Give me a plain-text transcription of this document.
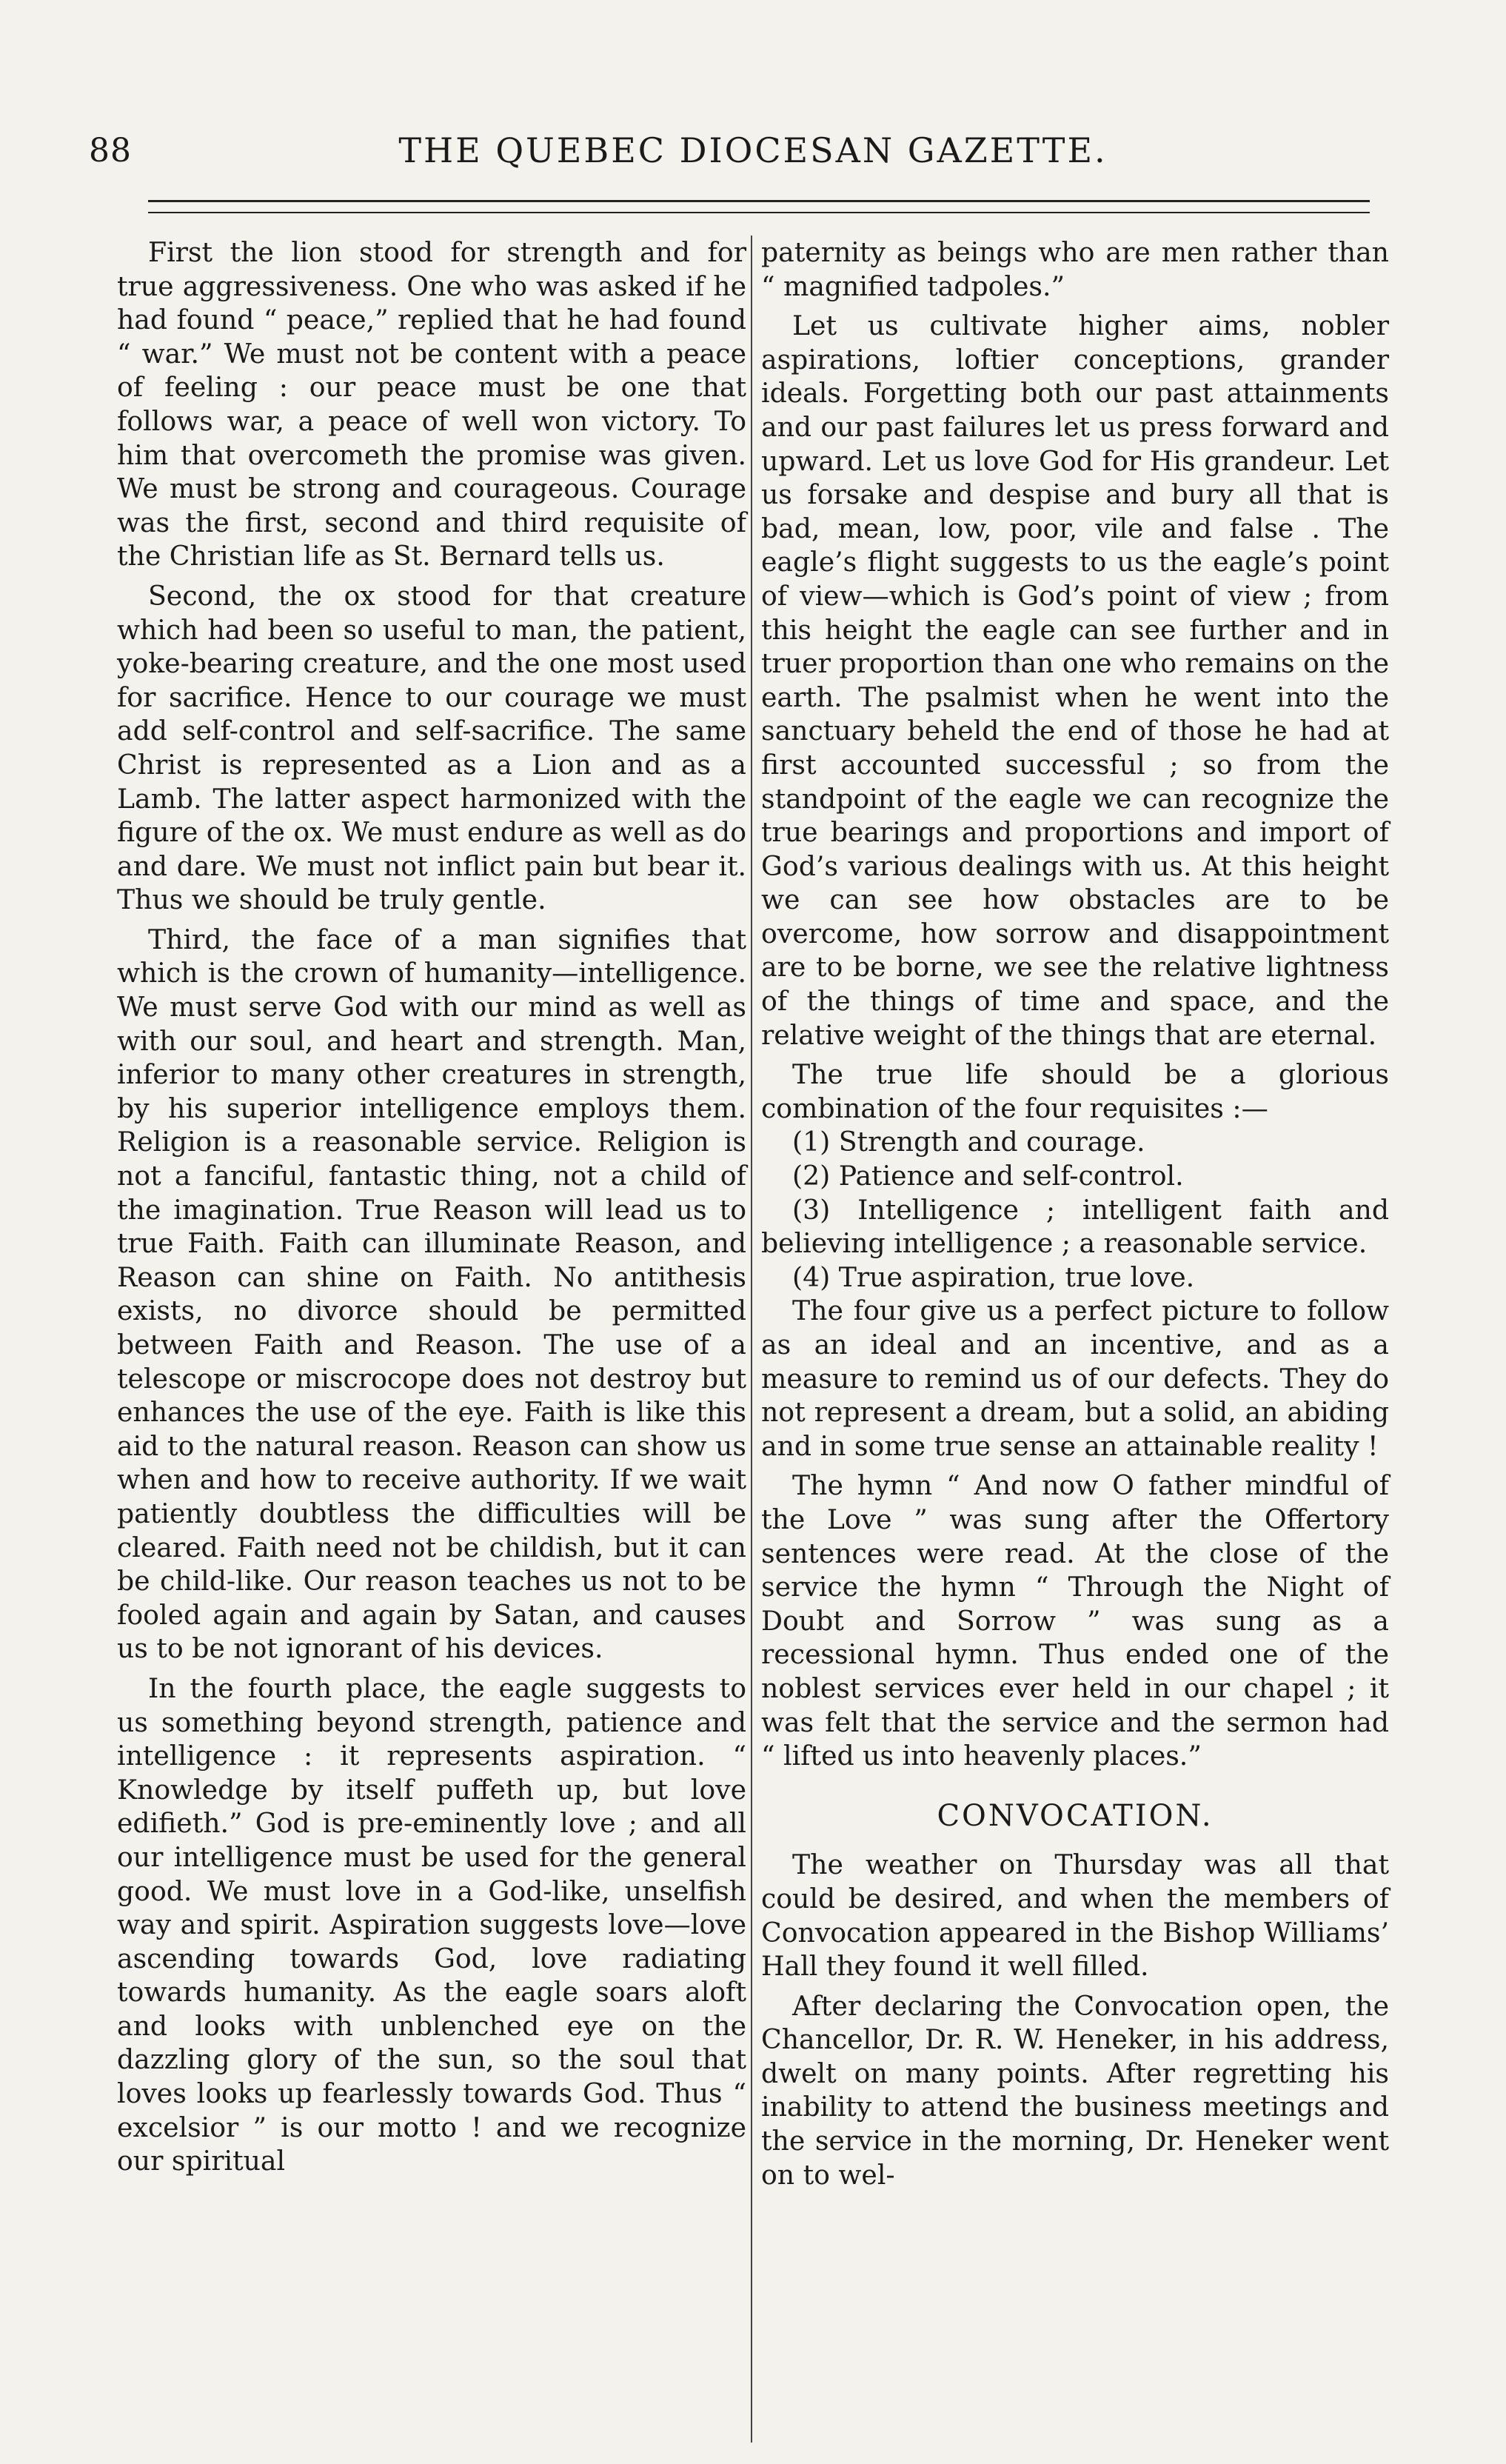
88	THE QUEBEC DIOCESAN GAZETTE.

First the lion stood for strength and for true aggressiveness. One who was asked if he had found “ peace,” replied that he had found “ war.” We must not be content with a peace of feeling : our peace must be one that follows war, a peace of well won victory. To him that overcometh the promise was given. We must be strong and courageous. Courage was the first, second and third requisite of the Christian life as St. Bernard tells us.

Second, the ox stood for that creature which had been so useful to man, the patient, yoke-bearing creature, and the one most used for sacrifice. Hence to our courage we must add self-control and self-sacrifice. The same Christ is represented as a Lion and as a Lamb. The latter aspect harmonized with the figure of the ox. We must endure as well as do and dare. We must not inflict pain but bear it. Thus we should be truly gentle.

Third, the face of a man signifies that which is the crown of humanity—intelligence. We must serve God with our mind as well as with our soul, and heart and strength. Man, inferior to many other creatures in strength, by his superior intelligence employs them. Religion is a reasonable service. Religion is not a fanciful, fantastic thing, not a child of the imagination. True Reason will lead us to true Faith. Faith can illuminate Reason, and Reason can shine on Faith. No antithesis exists, no divorce should be permitted between Faith and Reason. The use of a telescope or miscrocope does not destroy but enhances the use of the eye. Faith is like this aid to the natural reason. Reason can show us when and how to receive authority. If we wait patiently doubtless the difficulties will be cleared. Faith need not be childish, but it can be child-like. Our reason teaches us not to be fooled again and again by Satan, and causes us to be not ignorant of his devices.

In the fourth place, the eagle suggests to us something beyond strength, patience and intelligence : it represents aspiration. “ Knowledge by itself puffeth up, but love edifieth.” God is pre-eminently love ; and all our intelligence must be used for the general good. We must love in a God-like, unselfish way and spirit. Aspiration suggests love—love ascending towards God, love radiating towards humanity. As the eagle soars aloft and looks with unblenched eye on the dazzling glory of the sun, so the soul that loves looks up fearlessly towards God. Thus “ excelsior ” is our motto ! and we recognize our spiritual

paternity as beings who are men rather than “ magnified tadpoles.”

Let us cultivate higher aims, nobler aspirations, loftier conceptions, grander ideals. Forgetting both our past attainments and our past failures let us press forward and upward. Let us love God for His grandeur. Let us forsake and despise and bury all that is bad, mean, low, poor, vile and false . The eagle’s flight suggests to us the eagle’s point of view—which is God’s point of view ; from this height the eagle can see further and in truer proportion than one who remains on the earth. The psalmist when he went into the sanctuary beheld the end of those he had at first accounted successful ; so from the standpoint of the eagle we can recognize the true bearings and proportions and import of God’s various dealings with us. At this height we can see how obstacles are to be overcome, how sorrow and disappointment are to be borne, we see the relative lightness of the things of time and space, and the relative weight of the things that are eternal.

The true life should be a glorious combination of the four requisites :—

(1) Strength and courage.

(2) Patience and self-control.

(3) Intelligence ; intelligent faith and believing intelligence ; a reasonable service.

(4) True aspiration, true love.

The four give us a perfect picture to follow as an ideal and an incentive, and as a measure to remind us of our defects. They do not represent a dream, but a solid, an abiding and in some true sense an attainable reality !

The hymn “ And now O father mindful of the Love ” was sung after the Offertory sentences were read. At the close of the service the hymn “ Through the Night of Doubt and Sorrow ” was sung as a recessional hymn. Thus ended one of the noblest services ever held in our chapel ; it was felt that the service and the sermon had “ lifted us into heavenly places.”

CONVOCATION.

The weather on Thursday was all that could be desired, and when the members of Convocation appeared in the Bishop Williams’ Hall they found it well filled.

After declaring the Convocation open, the Chancellor, Dr. R. W. Heneker, in his address, dwelt on many points. After regretting his inability to attend the business meetings and the service in the morning, Dr. Heneker went on to wel-
